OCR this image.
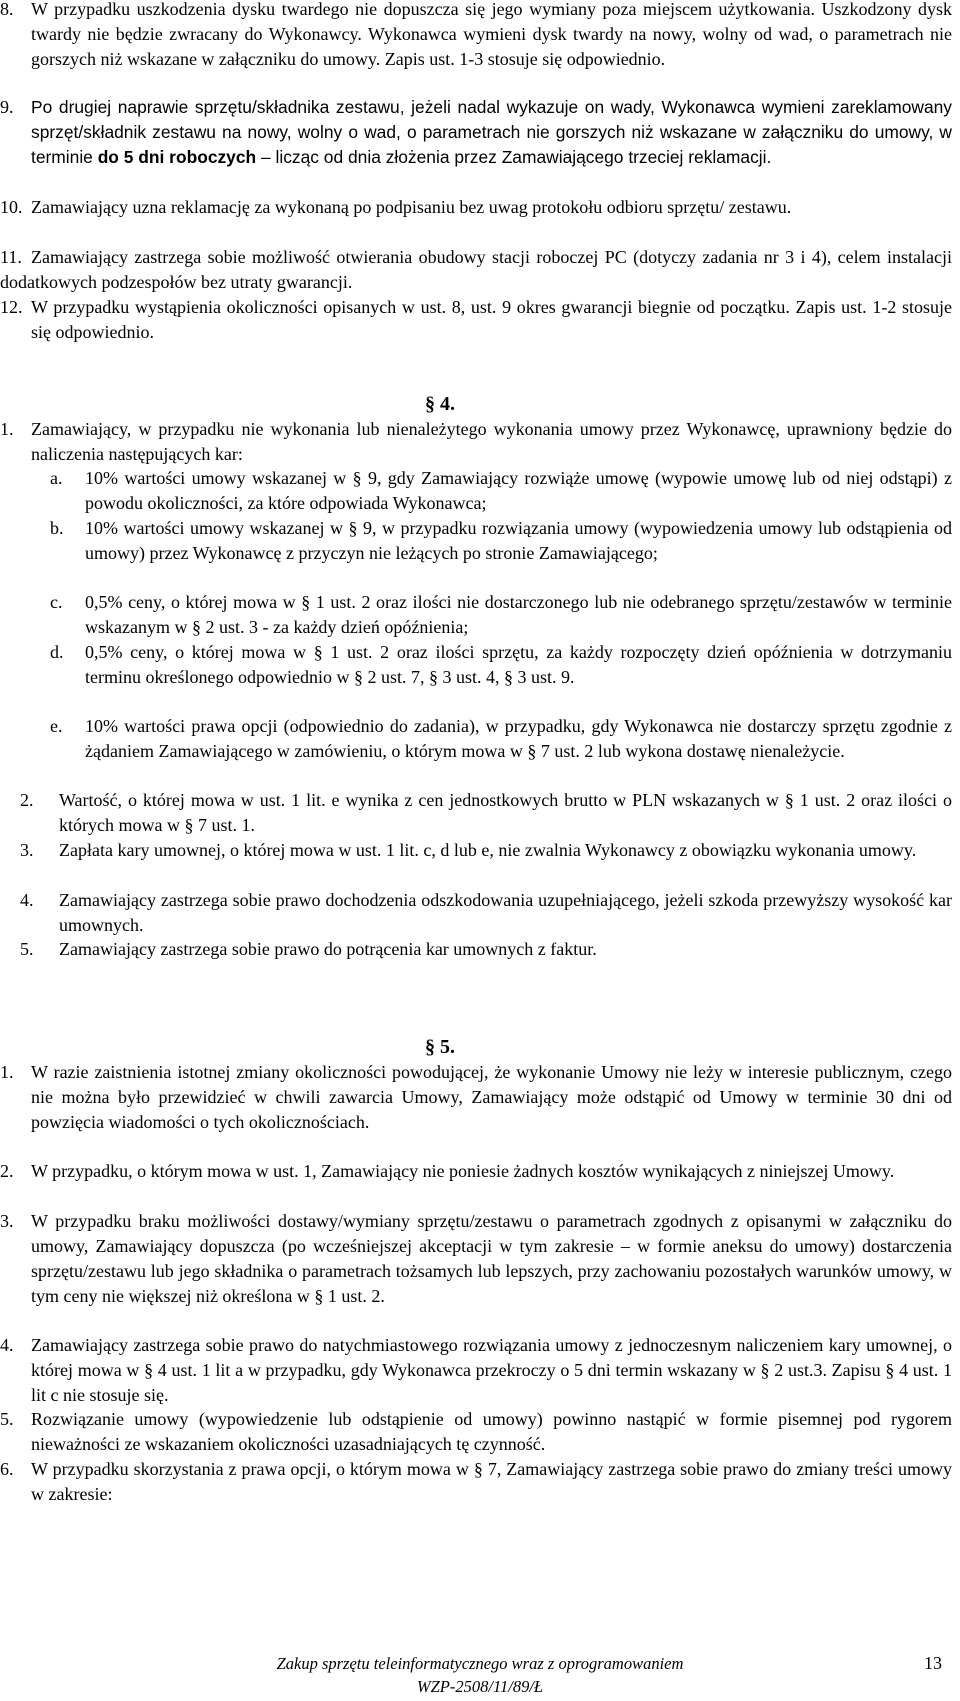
8. W przypadku uszkodzenia dysku twardego nie dopuszcza się jego wymiany poza miejscem użytkowania. Uszkodzony dysk twardy nie będzie zwracany do Wykonawcy. Wykonawca wymieni dysk twardy na nowy, wolny od wad, o parametrach nie gorszych niż wskazane w załączniku do umowy. Zapis ust. 1-3 stosuje się odpowiednio.

9. Po drugiej naprawie sprzętu/składnika zestawu, jeżeli nadal wykazuje on wady, Wykonawca wymieni zareklamowany sprzęt/składnik zestawu na nowy, wolny o wad, o parametrach nie gorszych niż wskazane w załączniku do umowy, w terminie do 5 dni roboczych – licząc od dnia złożenia przez Zamawiającego trzeciej reklamacji.

10. Zamawiający uzna reklamację za wykonaną po podpisaniu bez uwag protokołu odbioru sprzętu/ zestawu.

11. Zamawiający zastrzega sobie możliwość otwierania obudowy stacji roboczej PC (dotyczy zadania nr 3 i 4), celem instalacji dodatkowych podzespołów bez utraty gwarancji.

12. W przypadku wystąpienia okoliczności opisanych w ust. 8, ust. 9 okres gwarancji biegnie od początku. Zapis ust. 1-2 stosuje się odpowiednio.

§ 4.
1. Zamawiający, w przypadku nie wykonania lub nienależytego wykonania umowy przez Wykonawcę, uprawniony będzie do naliczenia następujących kar:

a. 10% wartości umowy wskazanej w § 9, gdy Zamawiający rozwiąże umowę (wypowie umowę lub od niej odstąpi) z powodu okoliczności, za które odpowiada Wykonawca;

b. 10% wartości umowy wskazanej w § 9, w przypadku rozwiązania umowy (wypowiedzenia umowy lub odstąpienia od umowy) przez Wykonawcę z przyczyn nie leżących po stronie Zamawiającego;

c. 0,5% ceny, o której mowa w § 1 ust. 2 oraz ilości nie dostarczonego lub nie odebranego sprzętu/zestawów w terminie wskazanym w § 2 ust. 3 - za każdy dzień opóźnienia;

d. 0,5% ceny, o której mowa w § 1 ust. 2 oraz ilości sprzętu, za każdy rozpoczęty dzień opóźnienia w dotrzymaniu terminu określonego odpowiednio w § 2 ust. 7, § 3 ust. 4, § 3 ust. 9.

e. 10% wartości prawa opcji (odpowiednio do zadania), w przypadku, gdy Wykonawca nie dostarczy sprzętu zgodnie z żądaniem Zamawiającego w zamówieniu, o którym mowa w § 7 ust. 2 lub wykona dostawę nienależycie.

2. Wartość, o której mowa w ust. 1 lit. e wynika z cen jednostkowych brutto w PLN wskazanych w § 1 ust. 2 oraz ilości o których mowa w § 7 ust. 1.

3. Zapłata kary umownej, o której mowa w ust. 1 lit. c, d lub e, nie zwalnia Wykonawcy z obowiązku wykonania umowy.

4. Zamawiający zastrzega sobie prawo dochodzenia odszkodowania uzupełniającego, jeżeli szkoda przewyższy wysokość kar umownych.

5. Zamawiający zastrzega sobie prawo do potrącenia kar umownych z faktur.

§ 5.
1. W razie zaistnienia istotnej zmiany okoliczności powodującej, że wykonanie Umowy nie leży w interesie publicznym, czego nie można było przewidzieć w chwili zawarcia Umowy, Zamawiający może odstąpić od Umowy w terminie 30 dni od powzięcia wiadomości o tych okolicznościach.

2. W przypadku, o którym mowa w ust. 1, Zamawiający nie poniesie żadnych kosztów wynikających z niniejszej Umowy.

3. W przypadku braku możliwości dostawy/wymiany sprzętu/zestawu o parametrach zgodnych z opisanymi w załączniku do umowy, Zamawiający dopuszcza (po wcześniejszej akceptacji w tym zakresie – w formie aneksu do umowy) dostarczenia sprzętu/zestawu lub jego składnika o parametrach tożsamych lub lepszych, przy zachowaniu pozostałych warunków umowy, w tym ceny nie większej niż określona w § 1 ust. 2.

4. Zamawiający zastrzega sobie prawo do natychmiastowego rozwiązania umowy z jednoczesnym naliczeniem kary umownej, o której mowa w § 4 ust. 1 lit a w przypadku, gdy Wykonawca przekroczy o 5 dni termin wskazany w § 2 ust.3. Zapisu § 4 ust. 1 lit c nie stosuje się.

5. Rozwiązanie umowy (wypowiedzenie lub odstąpienie od umowy) powinno nastąpić w formie pisemnej pod rygorem nieważności ze wskazaniem okoliczności uzasadniających tę czynność.

6. W przypadku skorzystania z prawa opcji, o którym mowa w § 7, Zamawiający zastrzega sobie prawo do zmiany treści umowy w zakresie:

Zakup sprzętu teleinformatycznego wraz z oprogramowaniem
WZP-2508/11/89/Ł
13
